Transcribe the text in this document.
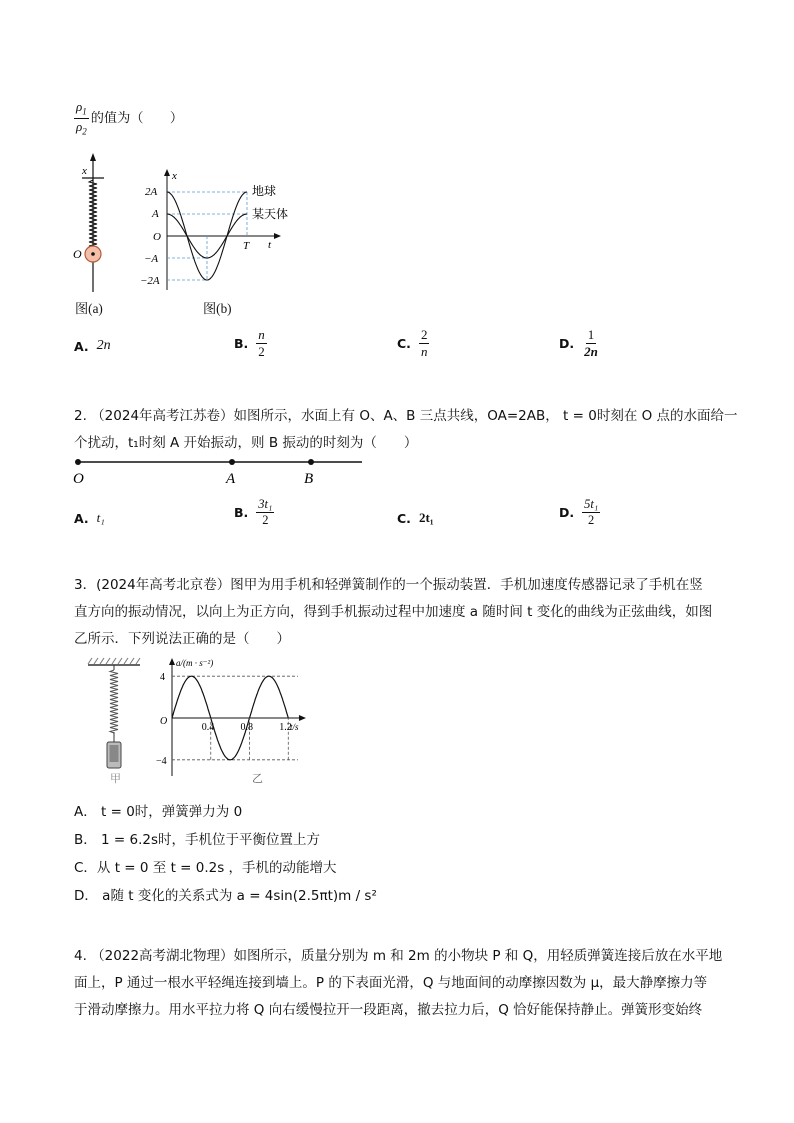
$\frac{\rho_1}{\rho_2}$ 的值为（　　）
x
O
图(a)
x
t
2A
A
O
−A
−2A
T
地球
某天体
图(b)
A. 2n	B. $\frac{n}{2}$	C. $\frac{2}{n}$	D. $\frac{1}{2n}$
2. （2024年高考江苏卷）如图所示，水面上有 O、A、B 三点共线，OA=2AB， t = 0时刻在 O 点的水面给一
个扰动，t₁时刻 A 开始振动，则 B 振动的时刻为（　　）
O	A	B
A. t₁	B. $\frac{\text{3t₁}}{2}$	C. 2t₁	D. $\frac{\text{5t₁}}{2}$
3．(2024年高考北京卷）图甲为用手机和轻弹簧制作的一个振动装置．手机加速度传感器记录了手机在竖
直方向的振动情况，以向上为正方向，得到手机振动过程中加速度 a 随时间 t 变化的曲线为正弦曲线，如图
乙所示．下列说法正确的是（　　）
甲
0.4	0.8	1.2
4
−4
O
a/(m · s⁻²)
t/s
乙
A． t = 0时，弹簧弹力为 0
B． 1 = 6.2s时，手机位于平衡位置上方
C．从 t = 0 至 t = 0.2s ，手机的动能增大
D． a随 t 变化的关系式为 a = 4sin(2.5πt)m / s²
4. （2022高考湖北物理）如图所示，质量分别为 m 和 2m 的小物块 P 和 Q，用轻质弹簧连接后放在水平地
面上，P 通过一根水平轻绳连接到墙上。P 的下表面光滑，Q 与地面间的动摩擦因数为 μ，最大静摩擦力等
于滑动摩擦力。用水平拉力将 Q 向右缓慢拉开一段距离，撤去拉力后，Q 恰好能保持静止。弹簧形变始终
